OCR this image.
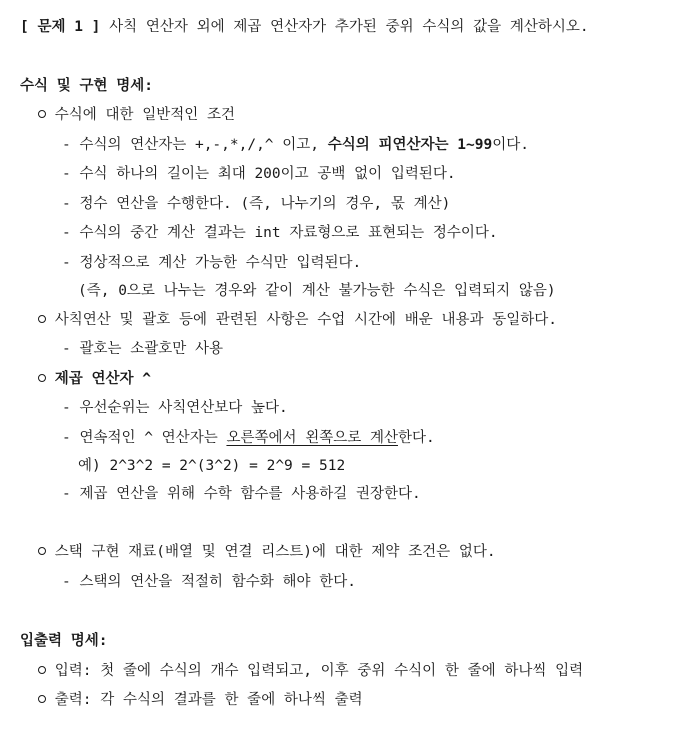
[ 문제 1 ] 사칙 연산자 외에 제곱 연산자가 추가된 중위 수식의 값을 계산하시오.
수식 및 구현 명세:
수식에 대한 일반적인 조건
- 수식의 연산자는 +,-,*,/,^ 이고, 수식의 피연산자는 1~99이다.
- 수식 하나의 길이는 최대 200이고 공백 없이 입력된다.
- 정수 연산을 수행한다. (즉, 나누기의 경우, 몫 계산)
- 수식의 중간 계산 결과는 int 자료형으로 표현되는 정수이다.
- 정상적으로 계산 가능한 수식만 입력된다.
(즉, 0으로 나누는 경우와 같이 계산 불가능한 수식은 입력되지 않음)
사칙연산 및 괄호 등에 관련된 사항은 수업 시간에 배운 내용과 동일하다.
- 괄호는 소괄호만 사용
제곱 연산자 ^
- 우선순위는 사칙연산보다 높다.
- 연속적인 ^ 연산자는 오른쪽에서 왼쪽으로 계산한다.
예) 2^3^2 = 2^(3^2) = 2^9 = 512
- 제곱 연산을 위해 수학 함수를 사용하길 권장한다.
스택 구현 재료(배열 및 연결 리스트)에 대한 제약 조건은 없다.
- 스택의 연산을 적절히 함수화 해야 한다.
입출력 명세:
입력: 첫 줄에 수식의 개수 입력되고, 이후 중위 수식이 한 줄에 하나씩 입력
출력: 각 수식의 결과를 한 줄에 하나씩 출력
